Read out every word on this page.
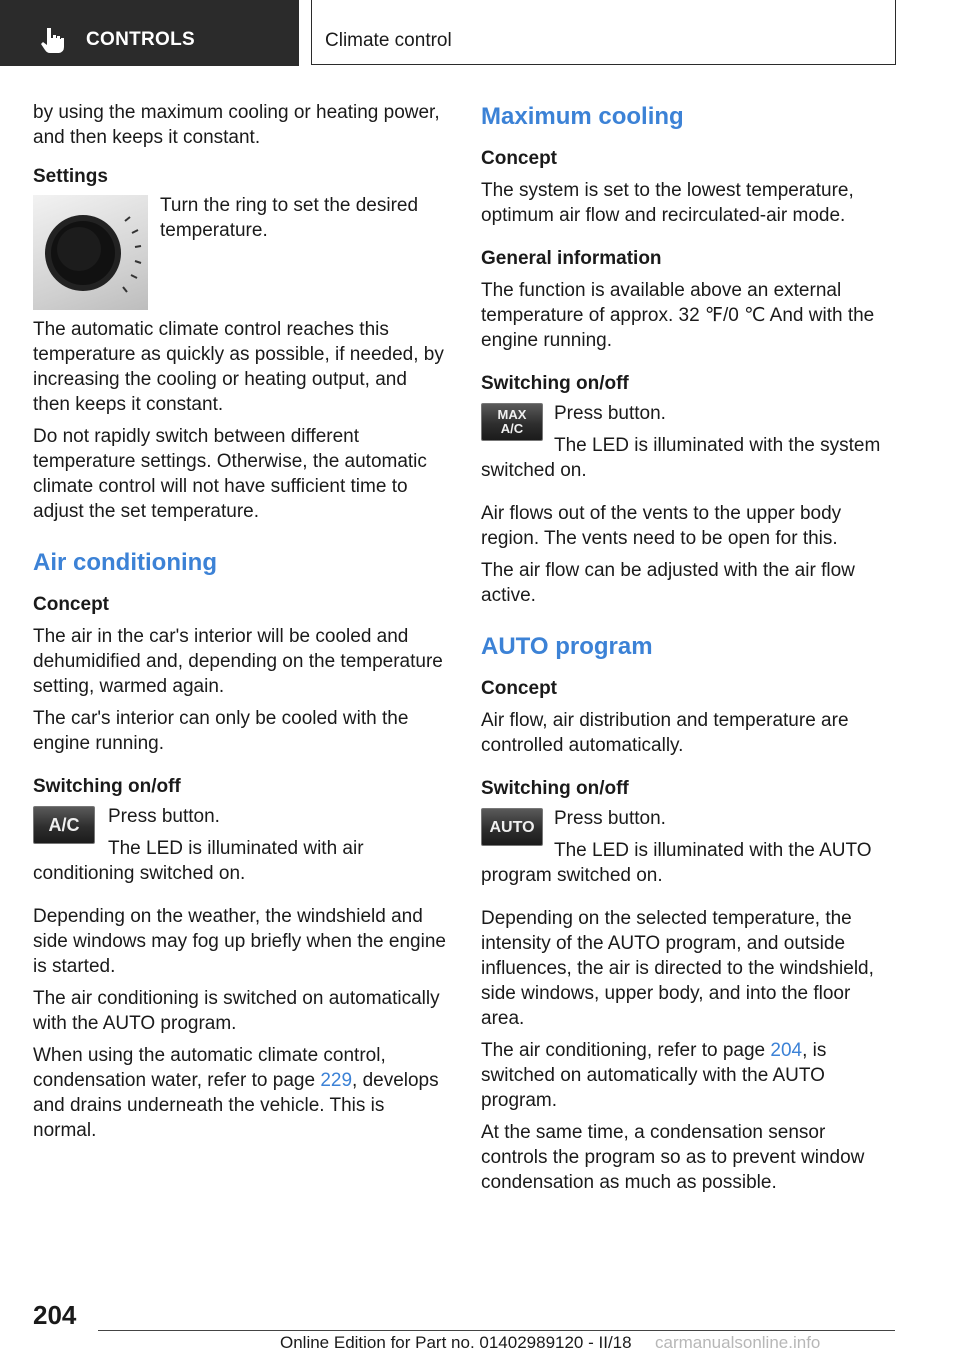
CONTROLS	Climate control

by using the maximum cooling or heating power, and then keeps it constant.

Settings

Turn the ring to set the desired temperature.

The automatic climate control reaches this temperature as quickly as possible, if needed, by increasing the cooling or heating output, and then keeps it constant.

Do not rapidly switch between different temperature settings. Otherwise, the automatic climate control will not have sufficient time to adjust the set temperature.

Air conditioning

Concept

The air in the car's interior will be cooled and dehumidified and, depending on the temperature setting, warmed again.

The car's interior can only be cooled with the engine running.

Switching on/off

A/C Press button.

The LED is illuminated with air conditioning switched on.

Depending on the weather, the windshield and side windows may fog up briefly when the engine is started.

The air conditioning is switched on automatically with the AUTO program.

When using the automatic climate control, condensation water, refer to page 229, develops and drains underneath the vehicle. This is normal.

Maximum cooling

Concept

The system is set to the lowest temperature, optimum air flow and recirculated-air mode.

General information

The function is available above an external temperature of approx. 32 ℉/0 ℃ And with the engine running.

Switching on/off

MAX
A/C

Press button.

The LED is illuminated with the system switched on.

Air flows out of the vents to the upper body region. The vents need to be open for this.

The air flow can be adjusted with the air flow active.

AUTO program

Concept

Air flow, air distribution and temperature are controlled automatically.

Switching on/off

AUTO Press button.

The LED is illuminated with the AUTO program switched on.

Depending on the selected temperature, the intensity of the AUTO program, and outside influences, the air is directed to the windshield, side windows, upper body, and into the floor area.

The air conditioning, refer to page 204, is switched on automatically with the AUTO program.

At the same time, a condensation sensor controls the program so as to prevent window condensation as much as possible.

204
Online Edition for Part no. 01402989120 - II/18 carmanualsonline.info
